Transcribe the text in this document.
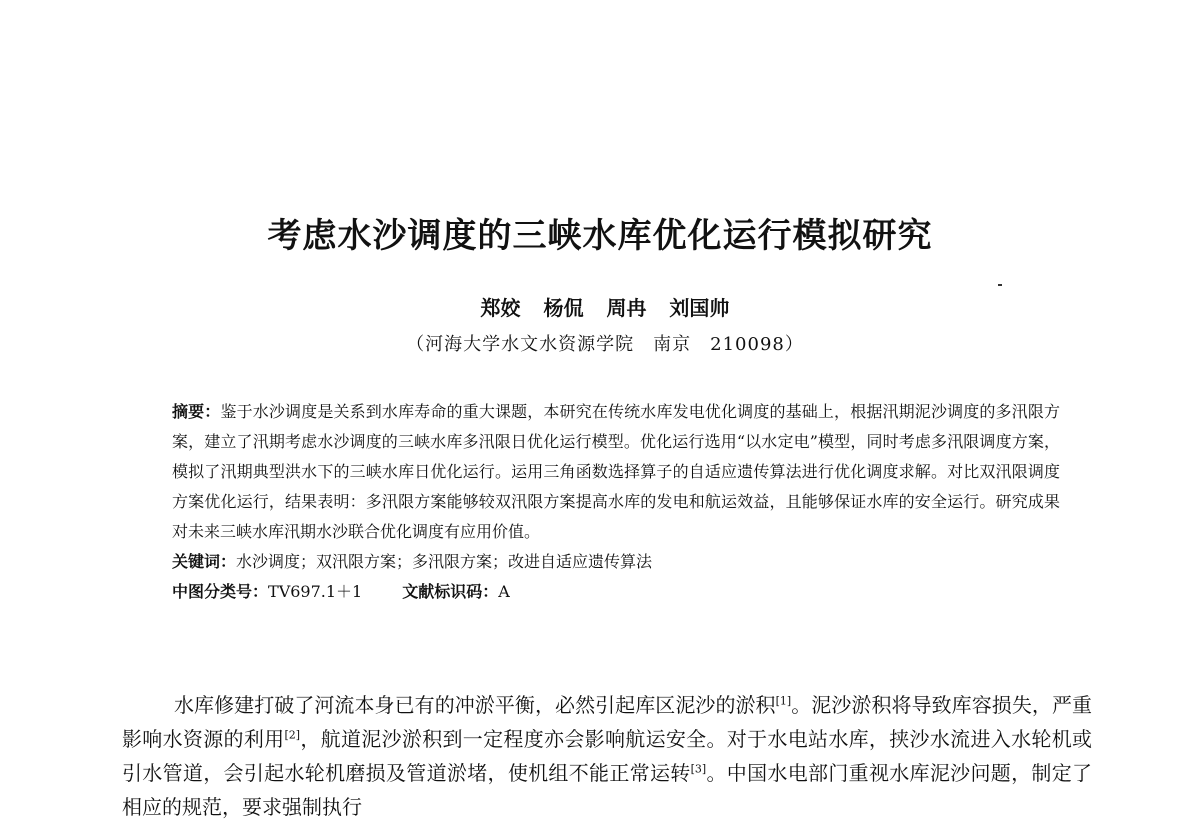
考虑水沙调度的三峡水库优化运行模拟研究
郑姣 杨侃 周冉 刘国帅
（河海大学水文水资源学院　南京　210098）

摘要：鉴于水沙调度是关系到水库寿命的重大课题，本研究在传统水库发电优化调度的基础上，根据汛期泥沙调度的多汛限方案，建立了汛期考虑水沙调度的三峡水库多汛限日优化运行模型。优化运行选用“以水定电”模型，同时考虑多汛限调度方案，模拟了汛期典型洪水下的三峡水库日优化运行。运用三角函数选择算子的自适应遗传算法进行优化调度求解。对比双汛限调度方案优化运行，结果表明：多汛限方案能够较双汛限方案提高水库的发电和航运效益，且能够保证水库的安全运行。研究成果对未来三峡水库汛期水沙联合优化调度有应用价值。

关键词：水沙调度；双汛限方案；多汛限方案；改进自适应遗传算法

中图分类号：TV697.1＋1	文献标识码：A

水库修建打破了河流本身已有的冲淤平衡，必然引起库区泥沙的淤积[1]。泥沙淤积将导致库容损失，严重影响水资源的利用[2]，航道泥沙淤积到一定程度亦会影响航运安全。对于水电站水库，挟沙水流进入水轮机或引水管道，会引起水轮机磨损及管道淤堵，使机组不能正常运转[3]。中国水电部门重视水库泥沙问题，制定了相应的规范，要求强制执行
